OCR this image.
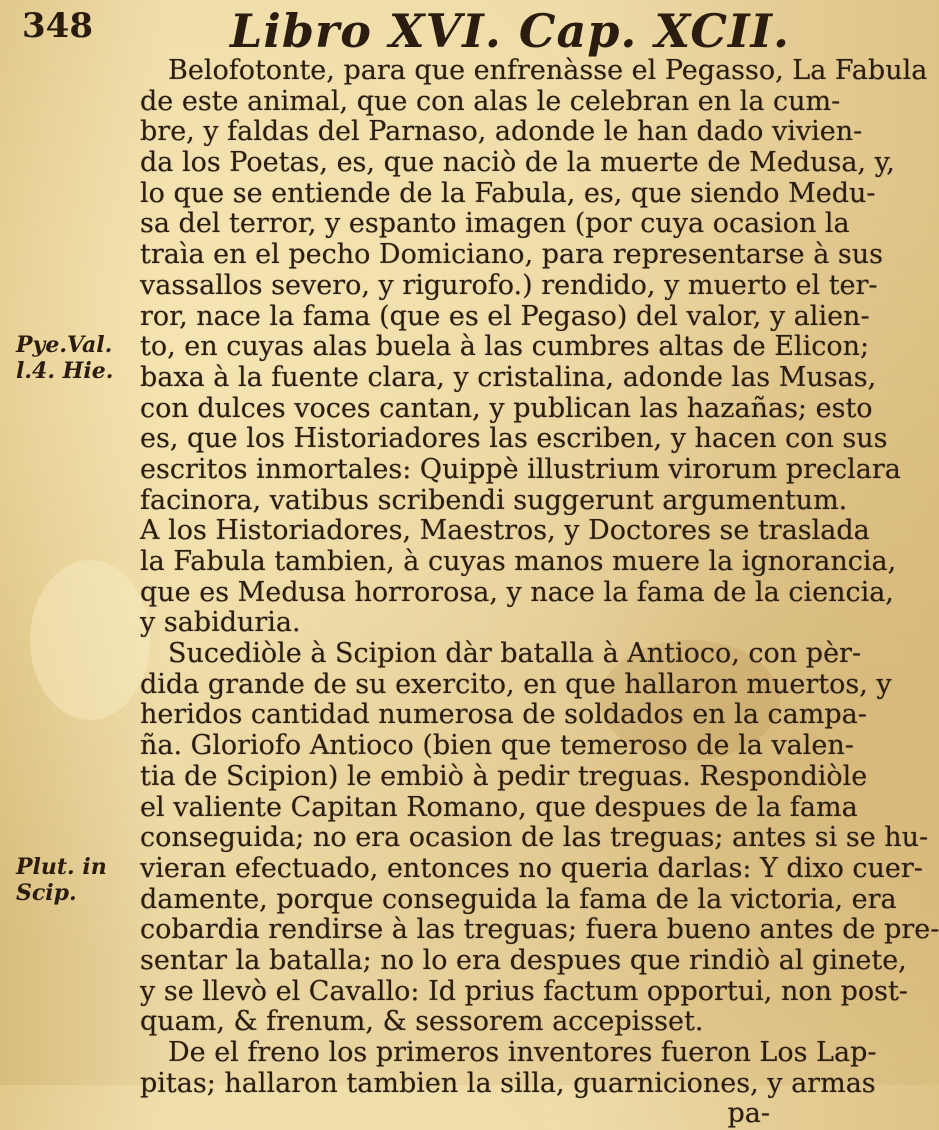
348	Libro XVI. Cap. XCII.
Pye.Val.
l.4. Hie.
Plut. in
Scip.
Belofotonte, para que enfrenàsse el Pegasso, La Fabula
de este animal, que con alas le celebran en la cum-
bre, y faldas del Parnaso, adonde le han dado vivien-
da los Poetas, es, que naciò de la muerte de Medusa, y,
lo que se entiende de la Fabula, es, que siendo Medu-
sa del terror, y espanto imagen (por cuya ocasion la
traìa en el pecho Domiciano, para representarse à sus
vassallos severo, y rigurofo.) rendido, y muerto el ter-
ror, nace la fama (que es el Pegaso) del valor, y alien-
to, en cuyas alas buela à las cumbres altas de Elicon;
baxa à la fuente clara, y cristalina, adonde las Musas,
con dulces voces cantan, y publican las hazañas; esto
es, que los Historiadores las escriben, y hacen con sus
escritos inmortales: Quippè illustrium virorum preclara
facinora, vatibus scribendi suggerunt argumentum.
A los Historiadores, Maestros, y Doctores se traslada
la Fabula tambien, à cuyas manos muere la ignorancia,
que es Medusa horrorosa, y nace la fama de la ciencia,
y sabiduria.
Sucediòle à Scipion dàr batalla à Antioco, con pèr-
dida grande de su exercito, en que hallaron muertos, y
heridos cantidad numerosa de soldados en la campa-
ña. Gloriofo Antioco (bien que temeroso de la valen-
tia de Scipion) le embiò à pedir treguas. Respondiòle
el valiente Capitan Romano, que despues de la fama
conseguida; no era ocasion de las treguas; antes si se hu-
vieran efectuado, entonces no queria darlas: Y dixo cuer-
damente, porque conseguida la fama de la victoria, era
cobardia rendirse à las treguas; fuera bueno antes de pre-
sentar la batalla; no lo era despues que rindiò al ginete,
y se llevò el Cavallo: Id prius factum opportui, non post-
quam, & frenum, & sessorem accepisset.
De el freno los primeros inventores fueron Los Lap-
pitas; hallaron tambien la silla, guarniciones, y armas
pa-
